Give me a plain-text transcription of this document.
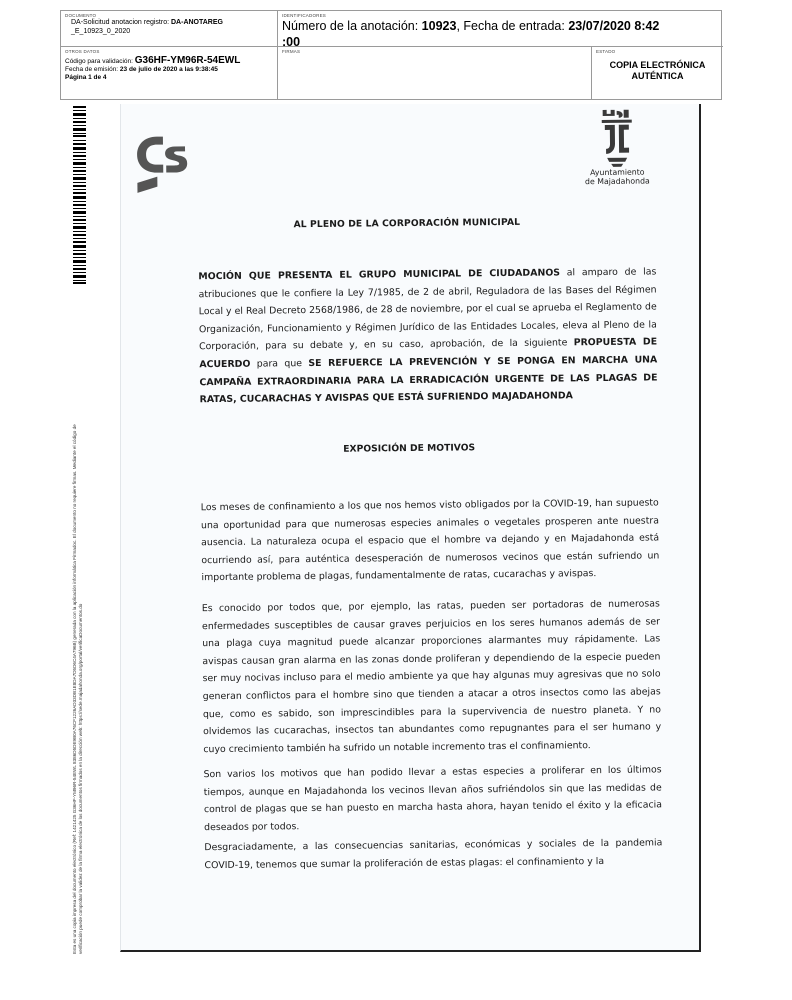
DOCUMENTO
DA-Solicitud anotacion registro: DA-ANOTAREG
_E_10923_0_2020
IDENTIFICADORES
Número de la anotación: 10923, Fecha de entrada: 23/07/2020 8:42
:00
OTROS DATOS
Código para validación: G36HF-YM96R-54EWL
Fecha de emisión: 23 de julio de 2020 a las 9:38:45
Página 1 de 4
FIRMAS	ESTADO
COPIA ELECTRÓNICA
AUTÉNTICA
Esta es una copia impresa del documento electrónico (Ref: 1421425 G36HF-YM96R-54EWL 8386D5DE9B0A76CF1226AD33DB1E8DA7D5D6C4A796B) generada con la aplicación informática Firmadoc. El documento no requiere firmas. Mediante el código de verificación puede comprobar la validez de la firma electrónica de los documentos firmados en la dirección web: https://sede.majadahonda.org/portal/verificaDocumentos.do
Ayuntamiento
de Majadahonda
AL PLENO DE LA CORPORACIÓN MUNICIPAL
MOCIÓN QUE PRESENTA EL GRUPO MUNICIPAL DE CIUDADANOS al amparo de las atribuciones que le confiere la Ley 7/1985, de 2 de abril, Reguladora de las Bases del Régimen Local y el Real Decreto 2568/1986, de 28 de noviembre, por el cual se aprueba el Reglamento de Organización, Funcionamiento y Régimen Jurídico de las Entidades Locales, eleva al Pleno de la Corporación, para su debate y, en su caso, aprobación, de la siguiente PROPUESTA DE ACUERDO para que SE REFUERCE LA PREVENCIÓN Y SE PONGA EN MARCHA UNA CAMPAÑA EXTRAORDINARIA PARA LA ERRADICACIÓN URGENTE DE LAS PLAGAS DE RATAS, CUCARACHAS Y AVISPAS QUE ESTÁ SUFRIENDO MAJADAHONDA
EXPOSICIÓN DE MOTIVOS
Los meses de confinamiento a los que nos hemos visto obligados por la COVID-19, han supuesto una oportunidad para que numerosas especies animales o vegetales prosperen ante nuestra ausencia. La naturaleza ocupa el espacio que el hombre va dejando y en Majadahonda está ocurriendo así, para auténtica desesperación de numerosos vecinos que están sufriendo un importante problema de plagas, fundamentalmente de ratas, cucarachas y avispas.
Es conocido por todos que, por ejemplo, las ratas, pueden ser portadoras de numerosas enfermedades susceptibles de causar graves perjuicios en los seres humanos además de ser una plaga cuya magnitud puede alcanzar proporciones alarmantes muy rápidamente. Las avispas causan gran alarma en las zonas donde proliferan y dependiendo de la especie pueden ser muy nocivas incluso para el medio ambiente ya que hay algunas muy agresivas que no solo generan conflictos para el hombre sino que tienden a atacar a otros insectos como las abejas que, como es sabido, son imprescindibles para la supervivencia de nuestro planeta. Y no olvidemos las cucarachas, insectos tan abundantes como repugnantes para el ser humano y cuyo crecimiento también ha sufrido un notable incremento tras el confinamiento.
Son varios los motivos que han podido llevar a estas especies a proliferar en los últimos tiempos, aunque en Majadahonda los vecinos llevan años sufriéndolos sin que las medidas de control de plagas que se han puesto en marcha hasta ahora, hayan tenido el éxito y la eficacia deseados por todos.
Desgraciadamente, a las consecuencias sanitarias, económicas y sociales de la pandemia COVID-19, tenemos que sumar la proliferación de estas plagas: el confinamiento y la
